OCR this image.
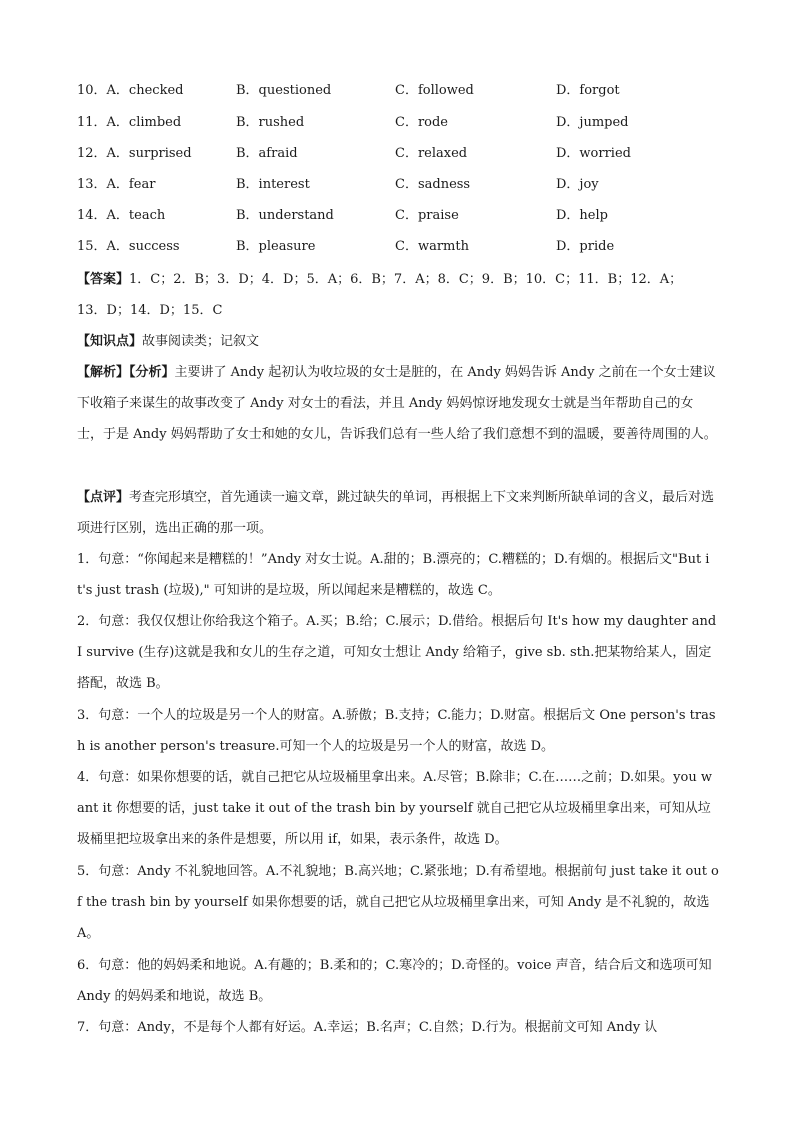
10．A．checked	B．questioned	C．followed	D．forgot
11．A．climbed	B．rushed	C．rode	D．jumped
12．A．surprised	B．afraid	C．relaxed	D．worried
13．A．fear	B．interest	C．sadness	D．joy
14．A．teach	B．understand	C．praise	D．help
15．A．success	B．pleasure	C．warmth	D．pride
【答案】1．C；2．B；3．D；4．D；5．A；6．B；7．A；8．C；9．B；10．C；11．B；12．A；
13．D；14．D；15．C
【知识点】故事阅读类；记叙文
【解析】【分析】主要讲了 Andy 起初认为收垃圾的女士是脏的，在 Andy 妈妈告诉 Andy 之前在一个女士建议下收箱子来谋生的故事改变了 Andy 对女士的看法，并且 Andy 妈妈惊讶地发现女士就是当年帮助自己的女士，于是 Andy 妈妈帮助了女士和她的女儿，告诉我们总有一些人给了我们意想不到的温暖，要善待周围的人。
【点评】考查完形填空，首先通读一遍文章，跳过缺失的单词，再根据上下文来判断所缺单词的含义，最后对选项进行区别，选出正确的那一项。
1．句意：“你闻起来是糟糕的！”Andy 对女士说。A.甜的；B.漂亮的；C.糟糕的；D.有烟的。根据后文"But it's just trash (垃圾)," 可知讲的是垃圾，所以闻起来是糟糕的，故选 C。
2．句意：我仅仅想让你给我这个箱子。A.买；B.给；C.展示；D.借给。根据后句 It's how my daughter and I survive (生存)这就是我和女儿的生存之道，可知女士想让 Andy 给箱子，give sb. sth.把某物给某人，固定搭配，故选 B。
3．句意：一个人的垃圾是另一个人的财富。A.骄傲；B.支持；C.能力；D.财富。根据后文 One person's trash is another person's treasure.可知一个人的垃圾是另一个人的财富，故选 D。
4．句意：如果你想要的话，就自己把它从垃圾桶里拿出来。A.尽管；B.除非；C.在……之前；D.如果。you want it 你想要的话，just take it out of the trash bin by yourself 就自己把它从垃圾桶里拿出来，可知从垃圾桶里把垃圾拿出来的条件是想要，所以用 if，如果，表示条件，故选 D。
5．句意：Andy 不礼貌地回答。A.不礼貌地；B.高兴地；C.紧张地；D.有希望地。根据前句 just take it out of the trash bin by yourself 如果你想要的话，就自己把它从垃圾桶里拿出来，可知 Andy 是不礼貌的，故选 A。
6．句意：他的妈妈柔和地说。A.有趣的；B.柔和的；C.寒冷的；D.奇怪的。voice 声音，结合后文和选项可知 Andy 的妈妈柔和地说，故选 B。
7．句意：Andy，不是每个人都有好运。A.幸运；B.名声；C.自然；D.行为。根据前文可知 Andy 认
